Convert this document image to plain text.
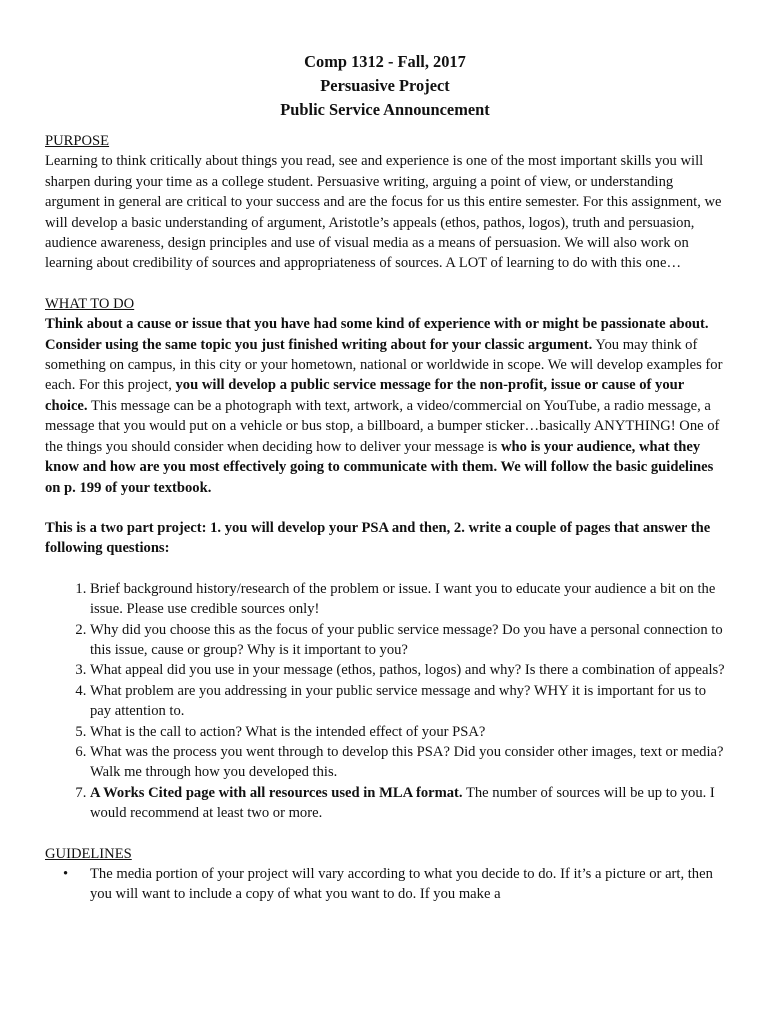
Comp 1312 - Fall, 2017
Persuasive Project
Public Service Announcement

PURPOSE

Learning to think critically about things you read, see and experience is one of the most important skills you will sharpen during your time as a college student. Persuasive writing, arguing a point of view, or understanding argument in general are critical to your success and are the focus for us this entire semester. For this assignment, we will develop a basic understanding of argument, Aristotle’s appeals (ethos, pathos, logos), truth and persuasion, audience awareness, design principles and use of visual media as a means of persuasion. We will also work on learning about credibility of sources and appropriateness of sources. A LOT of learning to do with this one…

WHAT TO DO

Think about a cause or issue that you have had some kind of experience with or might be passionate about. Consider using the same topic you just finished writing about for your classic argument. You may think of something on campus, in this city or your hometown, national or worldwide in scope. We will develop examples for each. For this project, you will develop a public service message for the non-profit, issue or cause of your choice. This message can be a photograph with text, artwork, a video/commercial on YouTube, a radio message, a message that you would put on a vehicle or bus stop, a billboard, a bumper sticker…basically ANYTHING! One of the things you should consider when deciding how to deliver your message is who is your audience, what they know and how are you most effectively going to communicate with them. We will follow the basic guidelines on p. 199 of your textbook.

This is a two part project: 1. you will develop your PSA and then, 2. write a couple of pages that answer the following questions:

1. Brief background history/research of the problem or issue. I want you to educate your audience a bit on the issue. Please use credible sources only!
2. Why did you choose this as the focus of your public service message? Do you have a personal connection to this issue, cause or group? Why is it important to you?
3. What appeal did you use in your message (ethos, pathos, logos) and why? Is there a combination of appeals?
4. What problem are you addressing in your public service message and why? WHY it is important for us to pay attention to.
5. What is the call to action? What is the intended effect of your PSA?
6. What was the process you went through to develop this PSA? Did you consider other images, text or media? Walk me through how you developed this.
7. A Works Cited page with all resources used in MLA format. The number of sources will be up to you. I would recommend at least two or more.

GUIDELINES

• The media portion of your project will vary according to what you decide to do. If it’s a picture or art, then you will want to include a copy of what you want to do. If you make a
